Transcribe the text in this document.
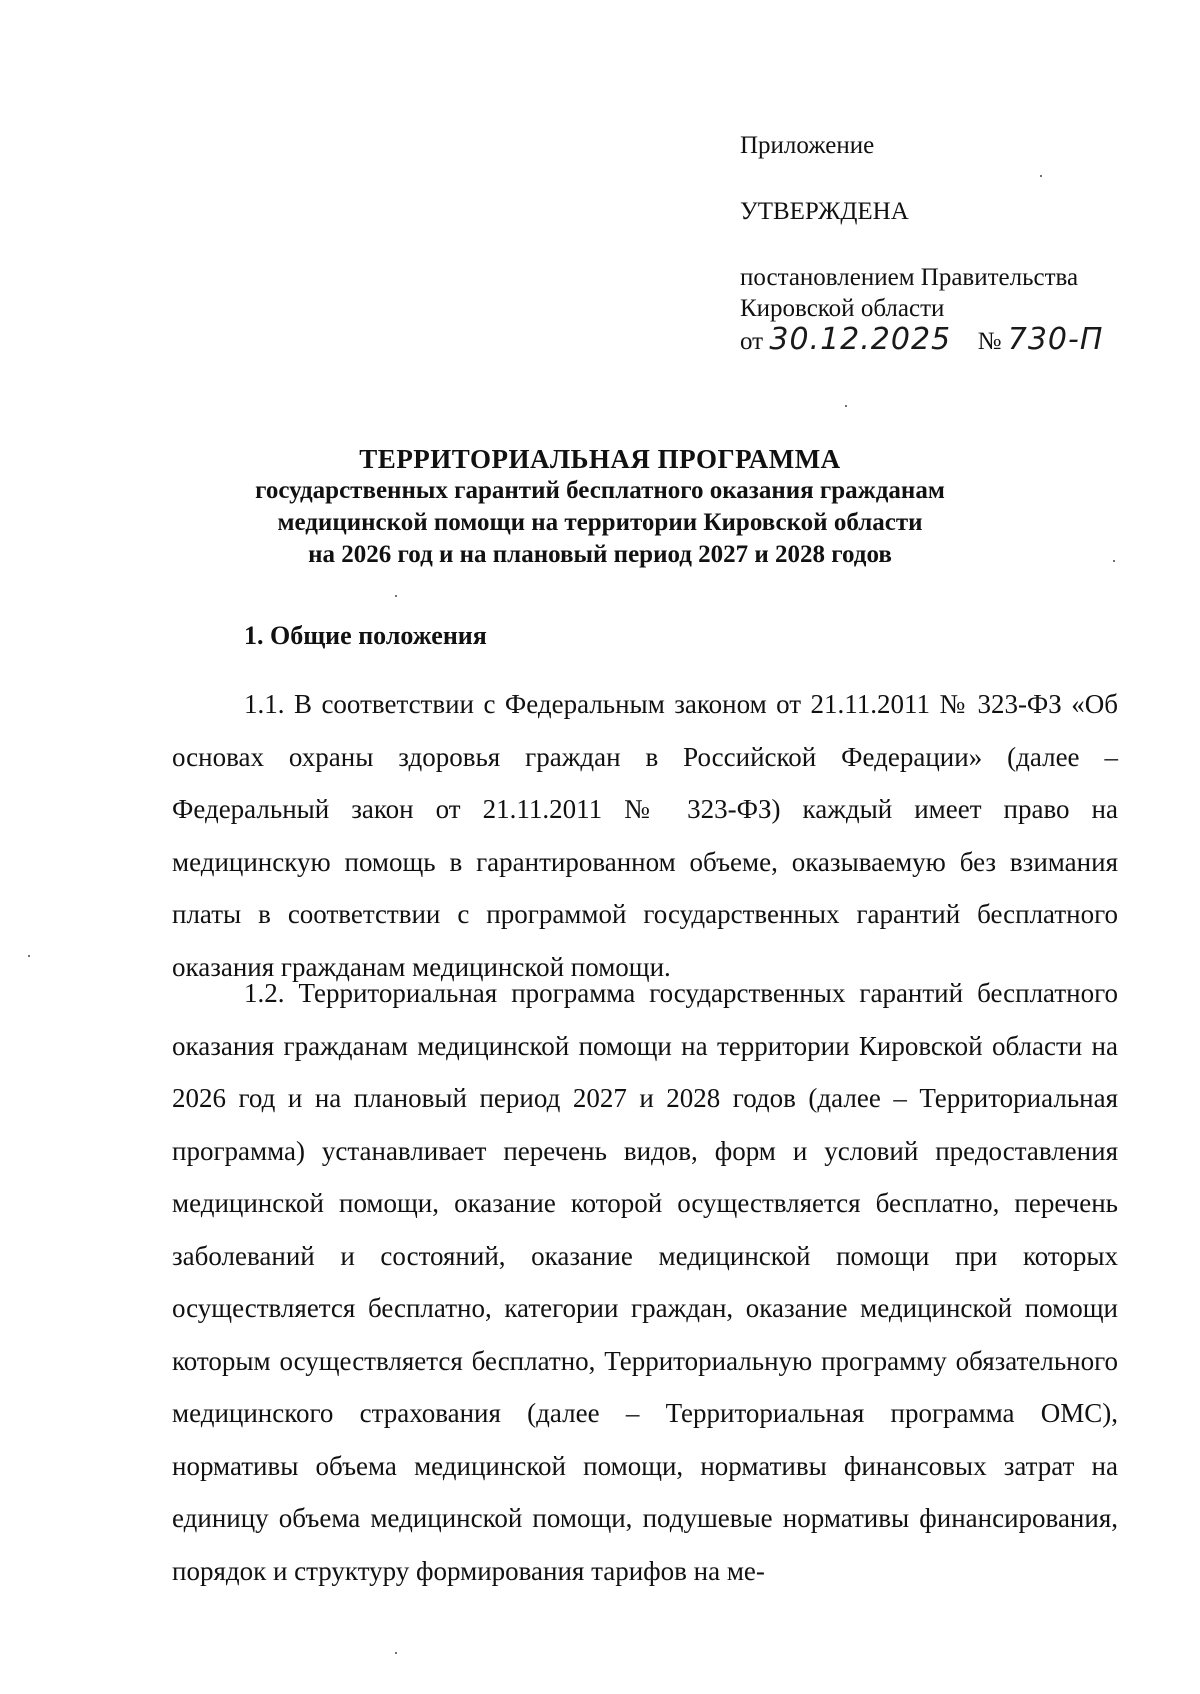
Приложение
УТВЕРЖДЕНА
постановлением Правительства
Кировской области
от 30.12.2025 № 730-П
ТЕРРИТОРИАЛЬНАЯ ПРОГРАММА
государственных гарантий бесплатного оказания гражданам
медицинской помощи на территории Кировской области
на 2026 год и на плановый период 2027 и 2028 годов
1. Общие положения

1.1. В соответствии с Федеральным законом от 21.11.2011 № 323-ФЗ «Об основах охраны здоровья граждан в Российской Федерации» (далее – Федеральный закон от 21.11.2011 № 323-ФЗ) каждый имеет право на медицинскую помощь в гарантированном объеме, оказываемую без взимания платы в соответствии с программой государственных гарантий бесплатного оказания гражданам медицинской помощи.

1.2. Территориальная программа государственных гарантий бесплатного оказания гражданам медицинской помощи на территории Кировской области на 2026 год и на плановый период 2027 и 2028 годов (далее – Территориальная программа) устанавливает перечень видов, форм и условий предоставления медицинской помощи, оказание которой осуществляется бесплатно, перечень заболеваний и состояний, оказание медицинской помощи при которых осуществляется бесплатно, категории граждан, оказание медицинской помощи которым осуществляется бесплатно, Территориальную программу обязательного медицинского страхования (далее – Территориальная программа ОМС), нормативы объема медицинской помощи, нормативы финансовых затрат на единицу объема медицинской помощи, подушевые нормативы финансирования, порядок и структуру формирования тарифов на ме-
